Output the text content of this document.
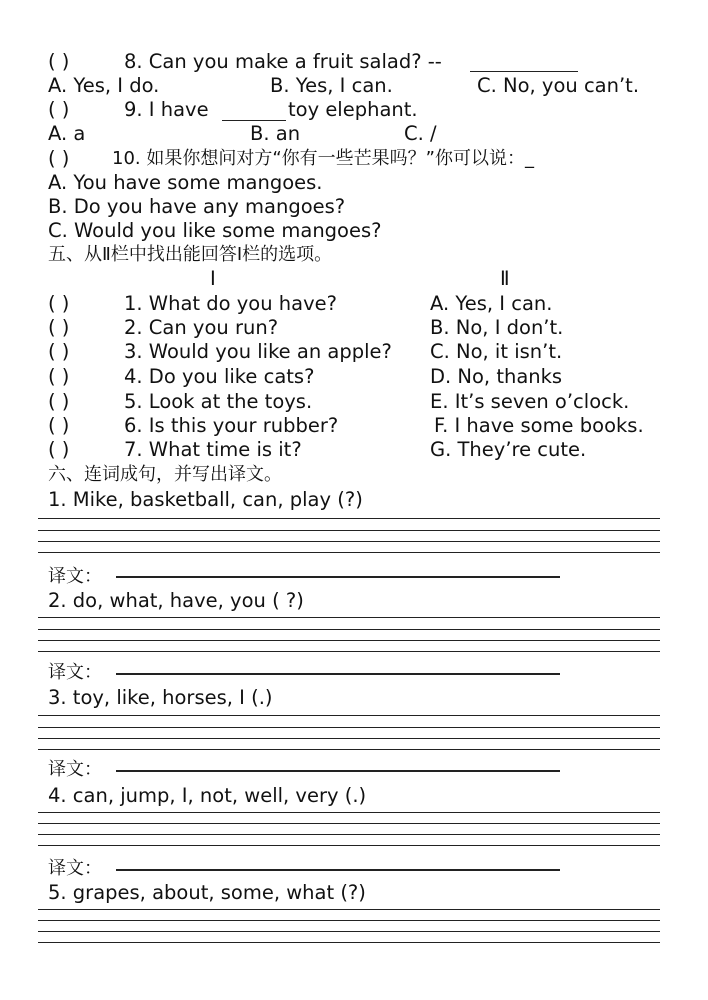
( )	8. Can you make a fruit salad? --
A. Yes, I do.	B. Yes, I can.	C. No, you can’t.
( )	9. I have	toy elephant.
A. a	B. an	C. /
( ) 10. 如果你想问对方“你有一些芒果吗？”你可以说：_
A. You have some mangoes.
B. Do you have any mangoes?
C. Would you like some mangoes?
五、从Ⅱ栏中找出能回答Ⅰ栏的选项。
Ⅰ	Ⅱ
( )	1. What do you have?	A. Yes, I can.
( )	2. Can you run?	B. No, I don’t.
( )	3. Would you like an apple? C. No, it isn’t.
( )	4. Do you like cats?	D. No, thanks
( )	5. Look at the toys.	E. It’s seven o’clock.
( )	6. Is this your rubber?	F. I have some books.
( )	7. What time is it?	G. They’re cute.
六、连词成句，并写出译文。
1. Mike, basketball, can, play (?)
译文：
2. do, what, have, you ( ?)
译文：
3. toy, like, horses, I (.)
译文：
4. can, jump, I, not, well, very (.)
译文：
5. grapes, about, some, what (?)
